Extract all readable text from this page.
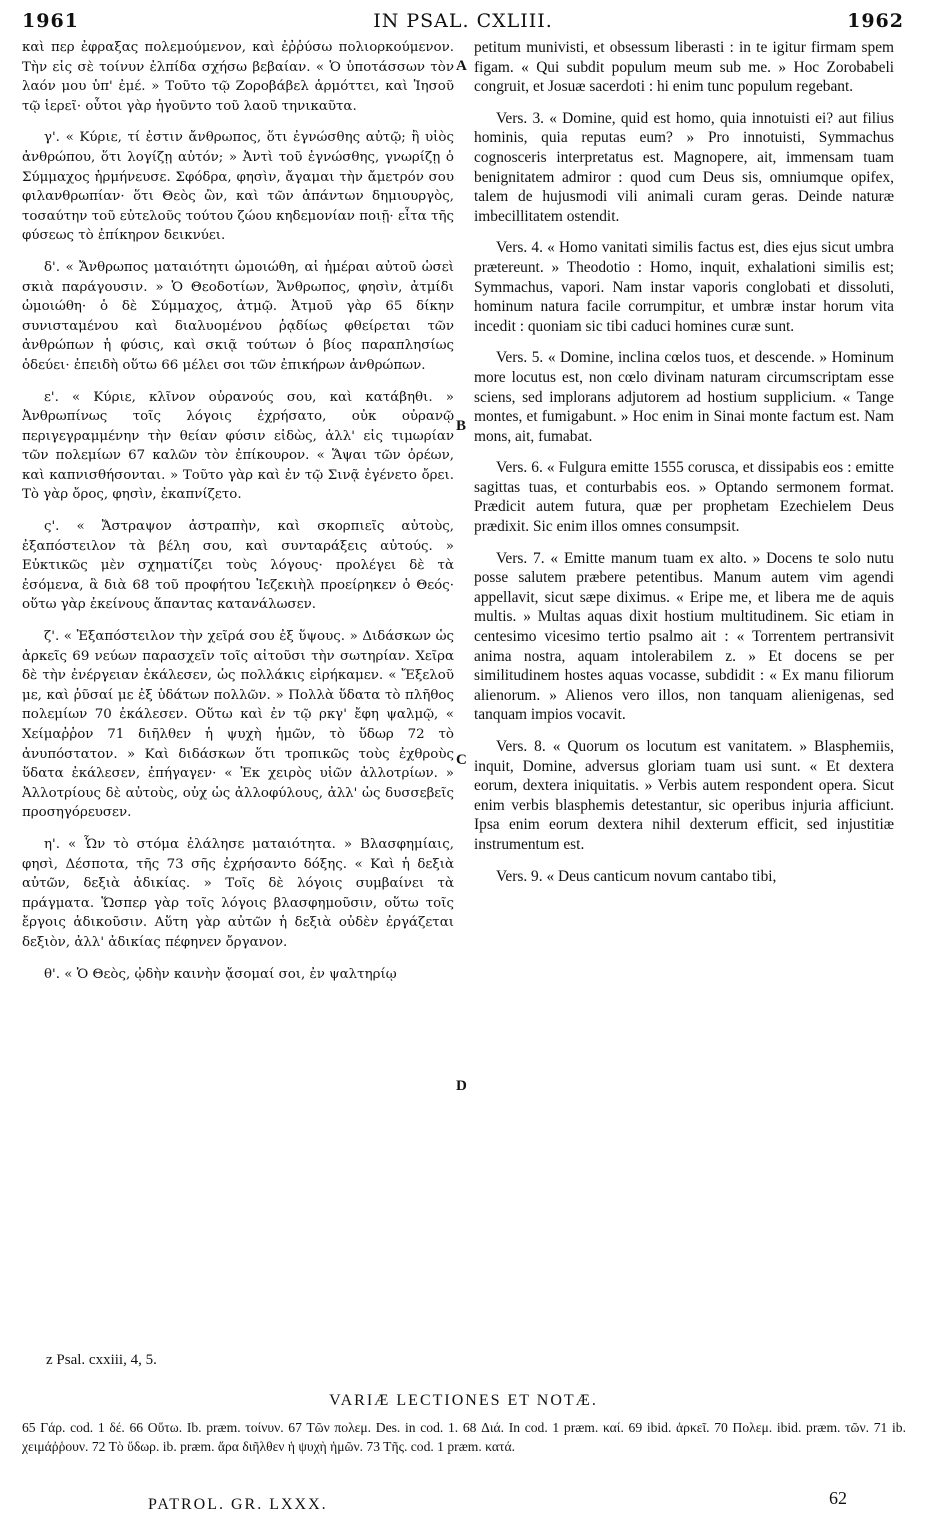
1961	IN PSAL. CXLIII.	1962

καὶ περ ἐφραξας πολεμούμενον, καὶ ἐῤῥύσω πολιορκούμενον. Τὴν εἰς σὲ τοίνυν ἐλπίδα σχήσω βεβαίαν. « Ὁ ὑποτάσσων τὸν λαόν μου ὑπ' ἐμέ. » Τοῦτο τῷ Ζοροβάβελ ἁρμόττει, καὶ Ἰησοῦ τῷ ἱερεῖ· οὗτοι γὰρ ἡγοῦντο τοῦ λαοῦ τηνικαῦτα.

γ'. « Κύριε, τί ἐστιν ἄνθρωπος, ὅτι ἐγνώσθης αὐτῷ; ἢ υἱὸς ἀνθρώπου, ὅτι λογίζῃ αὐτόν; » Ἀντὶ τοῦ ἐγνώσθης, γνωρίζῃ ὁ Σύμμαχος ἡρμήνευσε. Σφόδρα, φησὶν, ἄγαμαι τὴν ἄμετρόν σου φιλανθρωπίαν· ὅτι Θεὸς ὢν, καὶ τῶν ἁπάντων δημιουργὸς, τοσαύτην τοῦ εὐτελοῦς τούτου ζώου κηδεμονίαν ποιῇ· εἶτα τῆς φύσεως τὸ ἐπίκηρον δεικνύει.

δ'. « Ἄνθρωπος ματαιότητι ὡμοιώθη, αἱ ἡμέραι αὐτοῦ ὡσεὶ σκιὰ παράγουσιν. » Ὁ Θεοδοτίων, Ἄνθρωπος, φησὶν, ἀτμίδι ὡμοιώθη· ὁ δὲ Σύμμαχος, ἀτμῷ. Ἀτμοῦ γὰρ 65 δίκην συνισταμένου καὶ διαλυομένου ῥᾳδίως φθείρεται τῶν ἀνθρώπων ἡ φύσις, καὶ σκιᾷ τούτων ὁ βίος παραπλησίως ὁδεύει· ἐπειδὴ οὕτω 66 μέλει σοι τῶν ἐπικήρων ἀνθρώπων.

ε'. « Κύριε, κλῖνον οὐρανούς σου, καὶ κατάβηθι. » Ἀνθρωπίνως τοῖς λόγοις ἐχρήσατο, οὐκ οὐρανῷ περιγεγραμμένην τὴν θείαν φύσιν εἰδὼς, ἀλλ' εἰς τιμωρίαν τῶν πολεμίων 67 καλῶν τὸν ἐπίκουρον. « Ἅψαι τῶν ὀρέων, καὶ καπνισθήσονται. » Τοῦτο γὰρ καὶ ἐν τῷ Σινᾷ ἐγένετο ὄρει. Τὸ γὰρ ὄρος, φησὶν, ἐκαπνίζετο.

ς'. « Ἄστραψον ἀστραπὴν, καὶ σκορπιεῖς αὐτοὺς, ἐξαπόστειλον τὰ βέλη σου, καὶ συνταράξεις αὐτούς. » Εὐκτικῶς μὲν σχηματίζει τοὺς λόγους· προλέγει δὲ τὰ ἐσόμενα, ἃ διὰ 68 τοῦ προφήτου Ἰεζεκιὴλ προείρηκεν ὁ Θεός· οὕτω γὰρ ἐκείνους ἅπαντας κατανάλωσεν.

ζ'. « Ἐξαπόστειλον τὴν χεῖρά σου ἐξ ὕψους. » Διδάσκων ὡς ἀρκεῖς 69 νεύων παρασχεῖν τοῖς αἰτοῦσι τὴν σωτηρίαν. Χεῖρα δὲ τὴν ἐνέργειαν ἐκάλεσεν, ὡς πολλάκις εἰρήκαμεν. « Ἔξελοῦ με, καὶ ῥῦσαί με ἐξ ὑδάτων πολλῶν. » Πολλὰ ὕδατα τὸ πλῆθος πολεμίων 70 ἐκάλεσεν. Οὕτω καὶ ἐν τῷ ρκγ' ἔφη ψαλμῷ, « Χείμαῤῥον 71 διῆλθεν ἡ ψυχὴ ἡμῶν, τὸ ὕδωρ 72 τὸ ἀνυπόστατον. » Καὶ διδάσκων ὅτι τροπικῶς τοὺς ἐχθροὺς ὕδατα ἐκάλεσεν, ἐπήγαγεν· « Ἐκ χειρὸς υἱῶν ἀλλοτρίων. » Ἀλλοτρίους δὲ αὐτοὺς, οὐχ ὡς ἀλλοφύλους, ἀλλ' ὡς δυσσεβεῖς προσηγόρευσεν.

η'. « Ὧν τὸ στόμα ἐλάλησε ματαιότητα. » Βλασφημίαις, φησὶ, Δέσποτα, τῆς 73 σῆς ἐχρήσαντο δόξης. « Καὶ ἡ δεξιὰ αὐτῶν, δεξιὰ ἀδικίας. » Τοῖς δὲ λόγοις συμβαίνει τὰ πράγματα. Ὥσπερ γὰρ τοῖς λόγοις βλασφημοῦσιν, οὕτω τοῖς ἔργοις ἀδικοῦσιν. Αὕτη γὰρ αὐτῶν ἡ δεξιὰ οὐδὲν ἐργάζεται δεξιὸν, ἀλλ' ἀδικίας πέφηνεν ὄργανον.

θ'. « Ὁ Θεὸς, ᾠδὴν καινὴν ᾄσομαί σοι, ἐν ψαλτηρίῳ

A
B
C
D

petitum munivisti, et obsessum liberasti : in te igitur firmam spem figam. « Qui subdit populum meum sub me. » Hoc Zorobabeli congruit, et Josuæ sacerdoti : hi enim tunc populum regebant.

Vers. 3. « Domine, quid est homo, quia innotuisti ei? aut filius hominis, quia reputas eum? » Pro innotuisti, Symmachus cognosceris interpretatus est. Magnopere, ait, immensam tuam benignitatem admiror : quod cum Deus sis, omniumque opifex, talem de hujusmodi vili animali curam geras. Deinde naturæ imbecillitatem ostendit.

Vers. 4. « Homo vanitati similis factus est, dies ejus sicut umbra prætereunt. » Theodotio : Homo, inquit, exhalationi similis est; Symmachus, vapori. Nam instar vaporis conglobati et dissoluti, hominum natura facile corrumpitur, et umbræ instar horum vita incedit : quoniam sic tibi caduci homines curæ sunt.

Vers. 5. « Domine, inclina cœlos tuos, et descende. » Hominum more locutus est, non cœlo divinam naturam circumscriptam esse sciens, sed implorans adjutorem ad hostium supplicium. « Tange montes, et fumigabunt. » Hoc enim in Sinai monte factum est. Nam mons, ait, fumabat.

Vers. 6. « Fulgura emitte 1555 corusca, et dissipabis eos : emitte sagittas tuas, et conturbabis eos. » Optando sermonem format. Prædicit autem futura, quæ per prophetam Ezechielem Deus prædixit. Sic enim illos omnes consumpsit.

Vers. 7. « Emitte manum tuam ex alto. » Docens te solo nutu posse salutem præbere petentibus. Manum autem vim agendi appellavit, sicut sæpe diximus. « Eripe me, et libera me de aquis multis. » Multas aquas dixit hostium multitudinem. Sic etiam in centesimo vicesimo tertio psalmo ait : « Torrentem pertransivit anima nostra, aquam intolerabilem z. » Et docens se per similitudinem hostes aquas vocasse, subdidit : « Ex manu filiorum alienorum. » Alienos vero illos, non tanquam alienigenas, sed tanquam impios vocavit.

Vers. 8. « Quorum os locutum est vanitatem. » Blasphemiis, inquit, Domine, adversus gloriam tuam usi sunt. « Et dextera eorum, dextera iniquitatis. » Verbis autem respondent opera. Sicut enim verbis blasphemis detestantur, sic operibus injuria afficiunt. Ipsa enim eorum dextera nihil dexterum efficit, sed injustitiæ instrumentum est.

Vers. 9. « Deus canticum novum cantabo tibi,

z Psal. cxxiii, 4, 5.
VARIÆ LECTIONES ET NOTÆ.
65 Γάρ. cod. 1 δέ. 66 Οὕτω. Ib. præm. τοίνυν. 67 Τῶν πολεμ. Des. in cod. 1. 68 Διά. In cod. 1 præm. καί. 69 ibid. ἀρκεῖ. 70 Πολεμ. ibid. præm. τῶν. 71 ib. χειμάῤῥουν. 72 Τὸ ὕδωρ. ib. præm. ἄρα διῆλθεν ἡ ψυχὴ ἡμῶν. 73 Τῆς. cod. 1 præm. κατά.
PATROL. GR. LXXX.	62
